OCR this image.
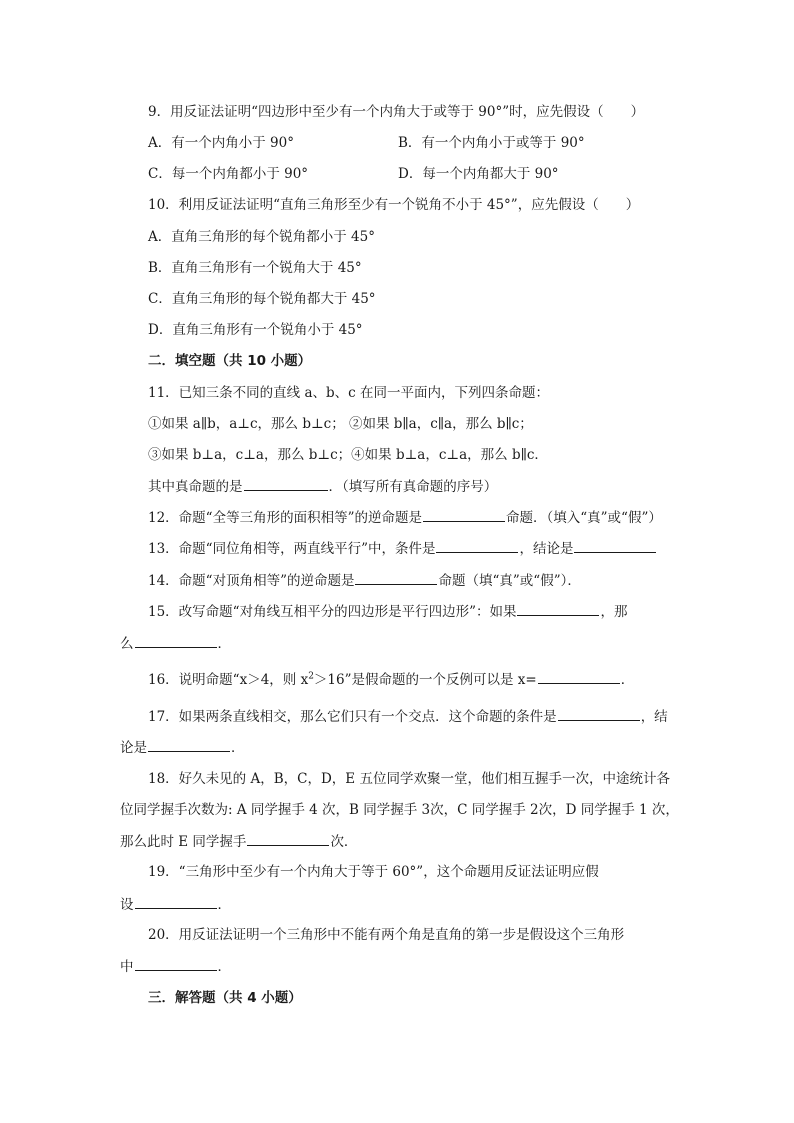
9．用反证法证明“四边形中至少有一个内角大于或等于 90°”时，应先假设（　　）
A．有一个内角小于 90°	B．有一个内角小于或等于 90°
C．每一个内角都小于 90°	D．每一个内角都大于 90°
10．利用反证法证明“直角三角形至少有一个锐角不小于 45°”，应先假设（　　）
A．直角三角形的每个锐角都小于 45°
B．直角三角形有一个锐角大于 45°
C．直角三角形的每个锐角都大于 45°
D．直角三角形有一个锐角小于 45°
二．填空题（共 10 小题）
11．已知三条不同的直线 a、b、c 在同一平面内，下列四条命题：
①如果 a∥b，a⊥c，那么 b⊥c； ②如果 b∥a，c∥a，那么 b∥c；
③如果 b⊥a，c⊥a，那么 b⊥c；④如果 b⊥a，c⊥a，那么 b∥c．
其中真命题的是	．（填写所有真命题的序号）
12．命题“全等三角形的面积相等”的逆命题是	命题．（填入“真”或“假”）
13．命题“同位角相等，两直线平行”中，条件是	，结论是
14．命题“对顶角相等”的逆命题是	命题（填“真”或“假”）．
15．改写命题“对角线互相平分的四边形是平行四边形”：如果	，那
么	．
16．说明命题“x＞4，则 $x^2>16$”是假命题的一个反例可以是 x=	．
17．如果两条直线相交，那么它们只有一个交点．这个命题的条件是	，结
论是	．
18．好久未见的 A，B，C，D，E 五位同学欢聚一堂，他们相互握手一次，中途统计各
位同学握手次数为: A 同学握手 4 次，B 同学握手 3次，C 同学握手 2次，D 同学握手 1 次，
那么此时 E 同学握手	次．
19．“三角形中至少有一个内角大于等于 60°”，这个命题用反证法证明应假
设	．
20．用反证法证明一个三角形中不能有两个角是直角的第一步是假设这个三角形
中	．
三．解答题（共 4 小题）
